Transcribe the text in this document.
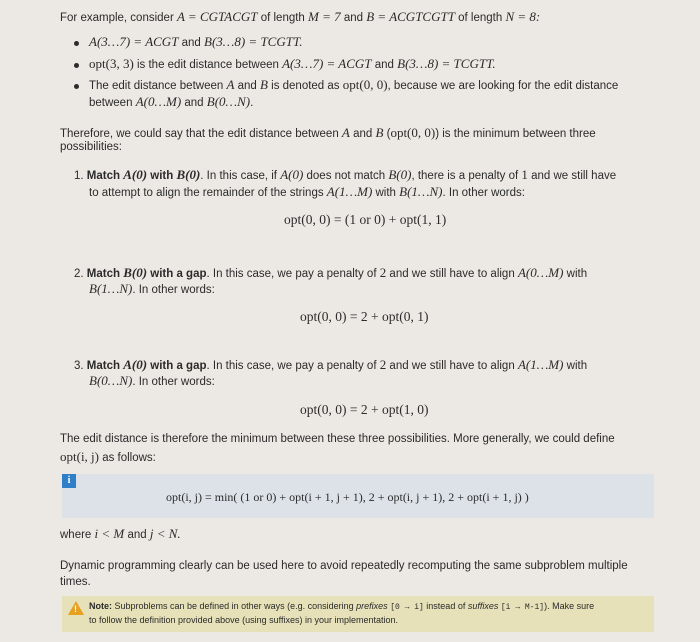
For example, consider A = CGTACGT of length M = 7 and B = ACGTCGTT of length N = 8:
A(3…7) = ACGT and B(3…8) = TCGTT.
opt(3, 3) is the edit distance between A(3…7) = ACGT and B(3…8) = TCGTT.
The edit distance between A and B is denoted as opt(0, 0), because we are looking for the edit distance
between A(0…M) and B(0…N).
Therefore, we could say that the edit distance between A and B (opt(0, 0)) is the minimum between three
possibilities:
1. Match A(0) with B(0). In this case, if A(0) does not match B(0), there is a penalty of 1 and we still have
to attempt to align the remainder of the strings A(1…M) with B(1…N). In other words:
opt(0, 0) = (1 or 0) + opt(1, 1)
2. Match B(0) with a gap. In this case, we pay a penalty of 2 and we still have to align A(0…M) with
B(1…N). In other words:
opt(0, 0) = 2 + opt(0, 1)
3. Match A(0) with a gap. In this case, we pay a penalty of 2 and we still have to align A(1…M) with
B(0…N). In other words:
opt(0, 0) = 2 + opt(1, 0)
The edit distance is therefore the minimum between these three possibilities. More generally, we could define
opt(i, j) as follows:
i
opt(i, j) = min( (1 or 0) + opt(i + 1, j + 1), 2 + opt(i, j + 1), 2 + opt(i + 1, j) )
where i < M and j < N.
Dynamic programming clearly can be used here to avoid repeatedly recomputing the same subproblem multiple
times.
! Note: Subproblems can be defined in other ways (e.g. considering prefixes [0 → i] instead of suffixes [i → M-1]). Make sure
to follow the definition provided above (using suffixes) in your implementation.
